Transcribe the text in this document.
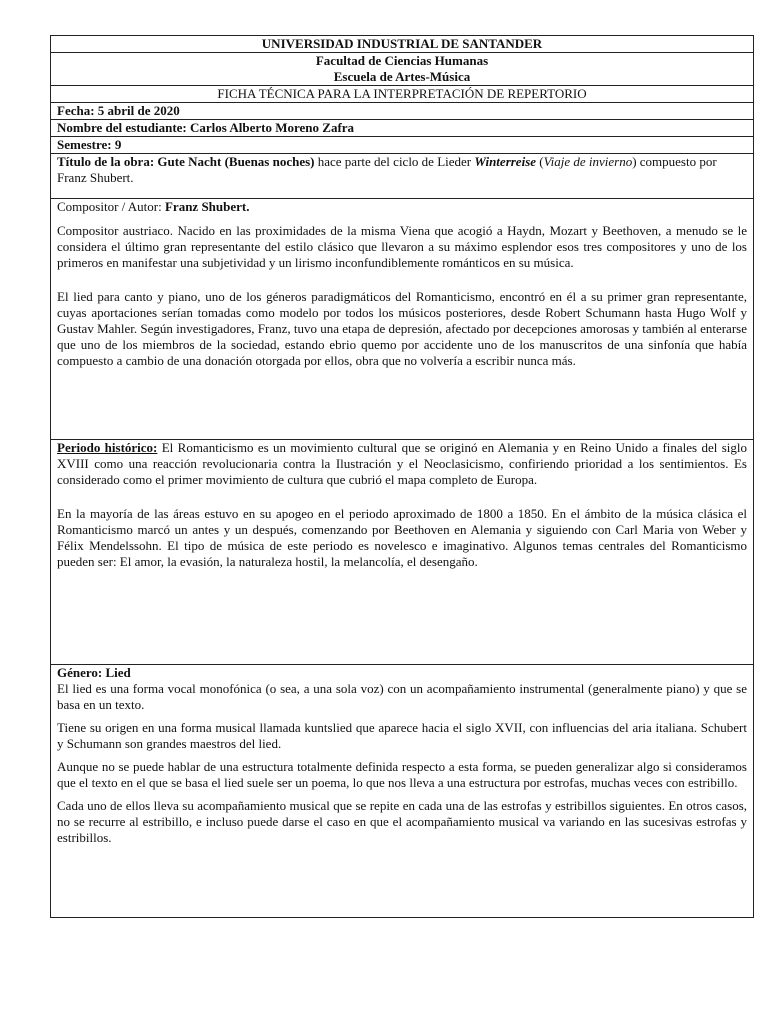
UNIVERSIDAD INDUSTRIAL DE SANTANDER

Facultad de Ciencias Humanas
Escuela de Artes-Música

FICHA TÉCNICA PARA LA INTERPRETACIÓN DE REPERTORIO
Fecha: 5 abril de 2020
Nombre del estudiante: Carlos Alberto Moreno Zafra
Semestre: 9

Título de la obra: Gute Nacht (Buenas noches) hace parte del ciclo de Lieder Winterreise (Viaje de invierno) compuesto por Franz Shubert.

Compositor / Autor: Franz Shubert.

Compositor austriaco. Nacido en las proximidades de la misma Viena que acogió a Haydn, Mozart y Beethoven, a menudo se le considera el último gran representante del estilo clásico que llevaron a su máximo esplendor esos tres compositores y uno de los primeros en manifestar una subjetividad y un lirismo inconfundiblemente románticos en su música.

El lied para canto y piano, uno de los géneros paradigmáticos del Romanticismo, encontró en él a su primer gran representante, cuyas aportaciones serían tomadas como modelo por todos los músicos posteriores, desde Robert Schumann hasta Hugo Wolf y Gustav Mahler. Según investigadores, Franz, tuvo una etapa de depresión, afectado por decepciones amorosas y también al enterarse que uno de los miembros de la sociedad, estando ebrio quemo por accidente uno de los manuscritos de una sinfonía que había compuesto a cambio de una donación otorgada por ellos, obra que no volvería a escribir nunca más.

Periodo histórico: El Romanticismo es un movimiento cultural que se originó en Alemania y en Reino Unido a finales del siglo XVIII como una reacción revolucionaria contra la Ilustración y el Neoclasicismo, confiriendo prioridad a los sentimientos. Es considerado como el primer movimiento de cultura que cubrió el mapa completo de Europa.

En la mayoría de las áreas estuvo en su apogeo en el periodo aproximado de 1800 a 1850. En el ámbito de la música clásica el Romanticismo marcó un antes y un después, comenzando por Beethoven en Alemania y siguiendo con Carl Maria von Weber y Félix Mendelssohn. El tipo de música de este periodo es novelesco e imaginativo. Algunos temas centrales del Romanticismo pueden ser: El amor, la evasión, la naturaleza hostil, la melancolía, el desengaño.

Género: Lied

El lied es una forma vocal monofónica (o sea, a una sola voz) con un acompañamiento instrumental (generalmente piano) y que se basa en un texto.

Tiene su origen en una forma musical llamada kuntslied que aparece hacia el siglo XVII, con influencias del aria italiana. Schubert y Schumann son grandes maestros del lied.

Aunque no se puede hablar de una estructura totalmente definida respecto a esta forma, se pueden generalizar algo si consideramos que el texto en el que se basa el lied suele ser un poema, lo que nos lleva a una estructura por estrofas, muchas veces con estribillo.

Cada uno de ellos lleva su acompañamiento musical que se repite en cada una de las estrofas y estribillos siguientes. En otros casos, no se recurre al estribillo, e incluso puede darse el caso en que el acompañamiento musical va variando en las sucesivas estrofas y estribillos.
